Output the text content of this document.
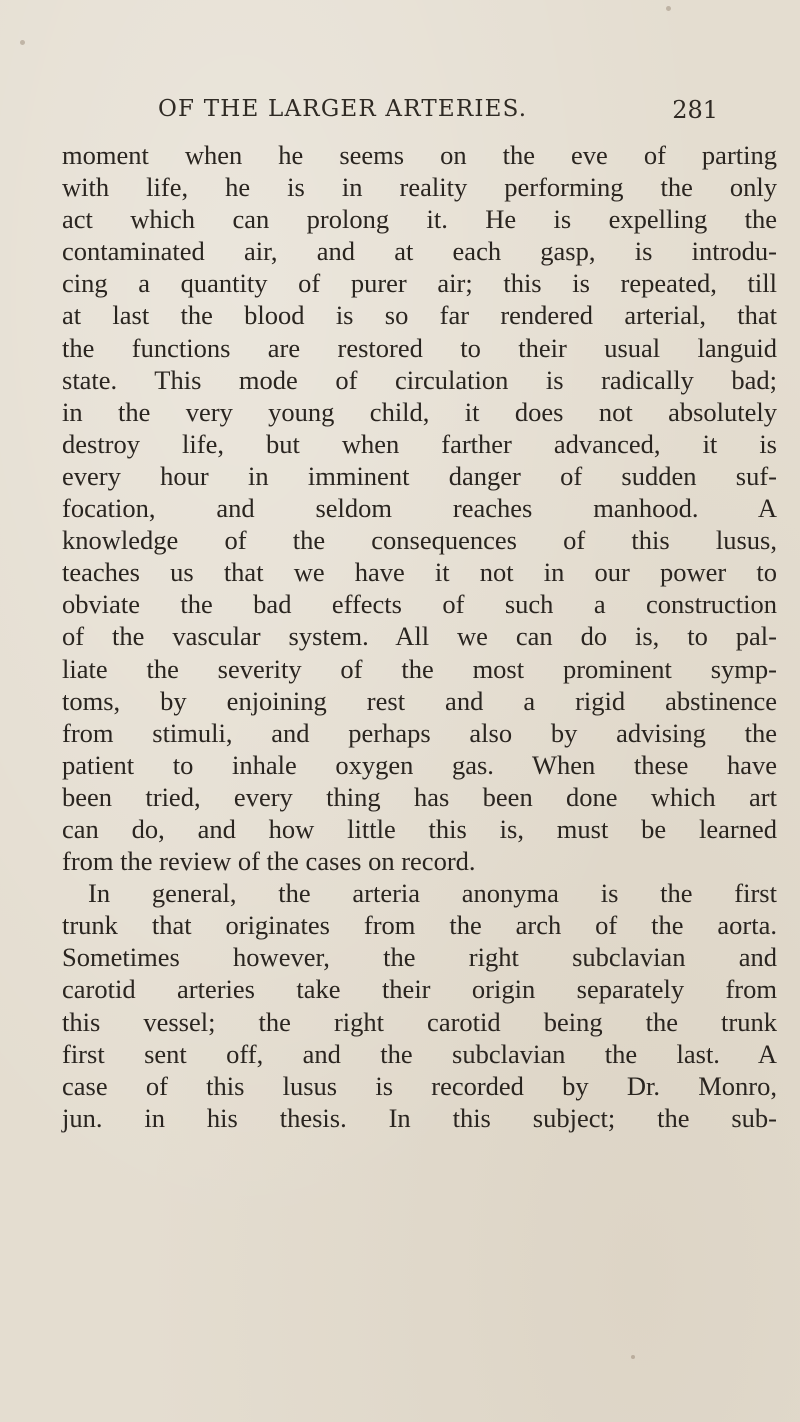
OF THE LARGER ARTERIES.	281
moment when he seems on the eve of parting
with life, he is in reality performing the only
act which can prolong it. He is expelling the
contaminated air, and at each gasp, is introdu-
cing a quantity of purer air; this is repeated, till
at last the blood is so far rendered arterial, that
the functions are restored to their usual languid
state. This mode of circulation is radically bad;
in the very young child, it does not absolutely
destroy life, but when farther advanced, it is
every hour in imminent danger of sudden suf-
focation, and seldom reaches manhood. A
knowledge of the consequences of this lusus,
teaches us that we have it not in our power to
obviate the bad effects of such a construction
of the vascular system. All we can do is, to pal-
liate the severity of the most prominent symp-
toms, by enjoining rest and a rigid abstinence
from stimuli, and perhaps also by advising the
patient to inhale oxygen gas. When these have
been tried, every thing has been done which art
can do, and how little this is, must be learned
from the review of the cases on record.
In general, the arteria anonyma is the first
trunk that originates from the arch of the aorta.
Sometimes however, the right subclavian and
carotid arteries take their origin separately from
this vessel; the right carotid being the trunk
first sent off, and the subclavian the last. A
case of this lusus is recorded by Dr. Monro,
jun. in his thesis. In this subject; the sub-
